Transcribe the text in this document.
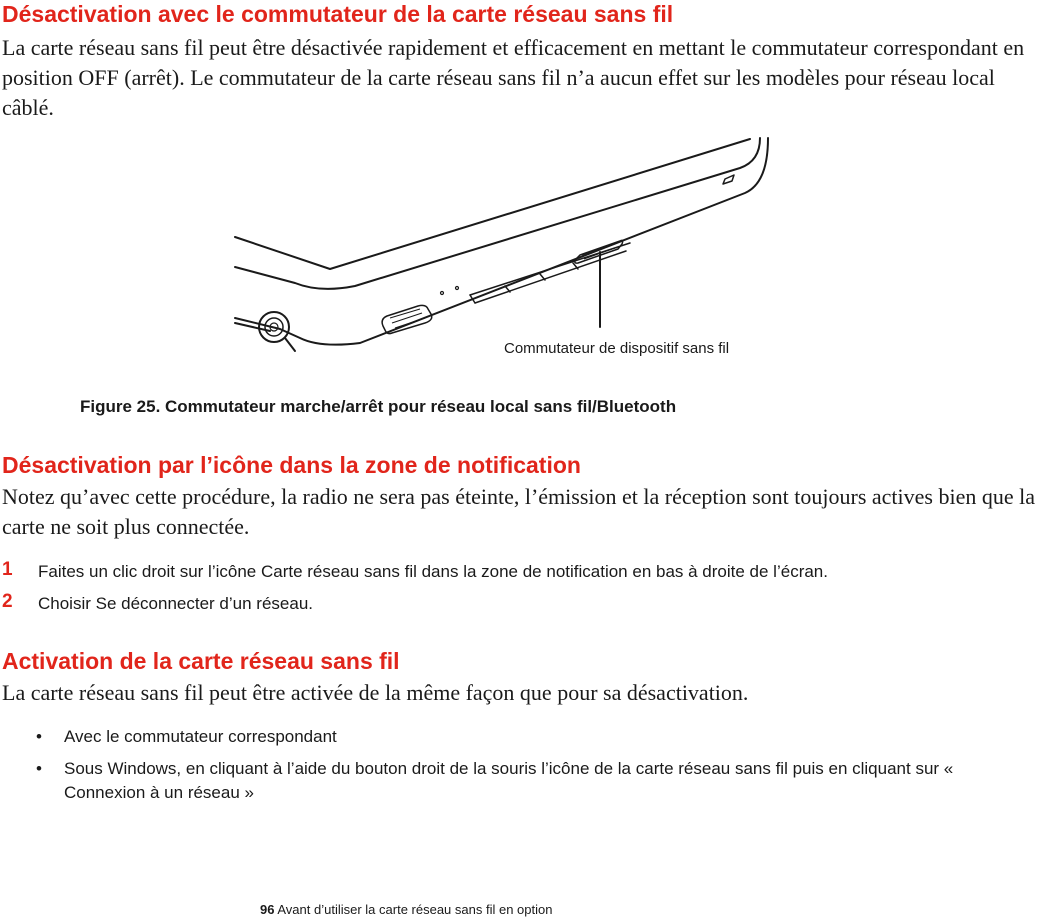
Désactivation avec le commutateur de la carte réseau sans fil

La carte réseau sans fil peut être désactivée rapidement et efficacement en mettant le commutateur correspondant en position OFF (arrêt). Le commutateur de la carte réseau sans fil n’a aucun effet sur les modèles pour réseau local câblé.

Commutateur de dispositif sans fil
Figure 25. Commutateur marche/arrêt pour réseau local sans fil/Bluetooth
Désactivation par l’icône dans la zone de notification

Notez qu’avec cette procédure, la radio ne sera pas éteinte, l’émission et la réception sont toujours actives bien que la carte ne soit plus connectée.

1 Faites un clic droit sur l’icône Carte réseau sans fil dans la zone de notification en bas à droite de l’écran.
2 Choisir Se déconnecter d’un réseau.
Activation de la carte réseau sans fil

La carte réseau sans fil peut être activée de la même façon que pour sa désactivation.

• Avec le commutateur correspondant
• Sous Windows, en cliquant à l’aide du bouton droit de la souris l’icône de la carte réseau sans fil puis en cliquant sur « Connexion à un réseau »
96 Avant d’utiliser la carte réseau sans fil en option
